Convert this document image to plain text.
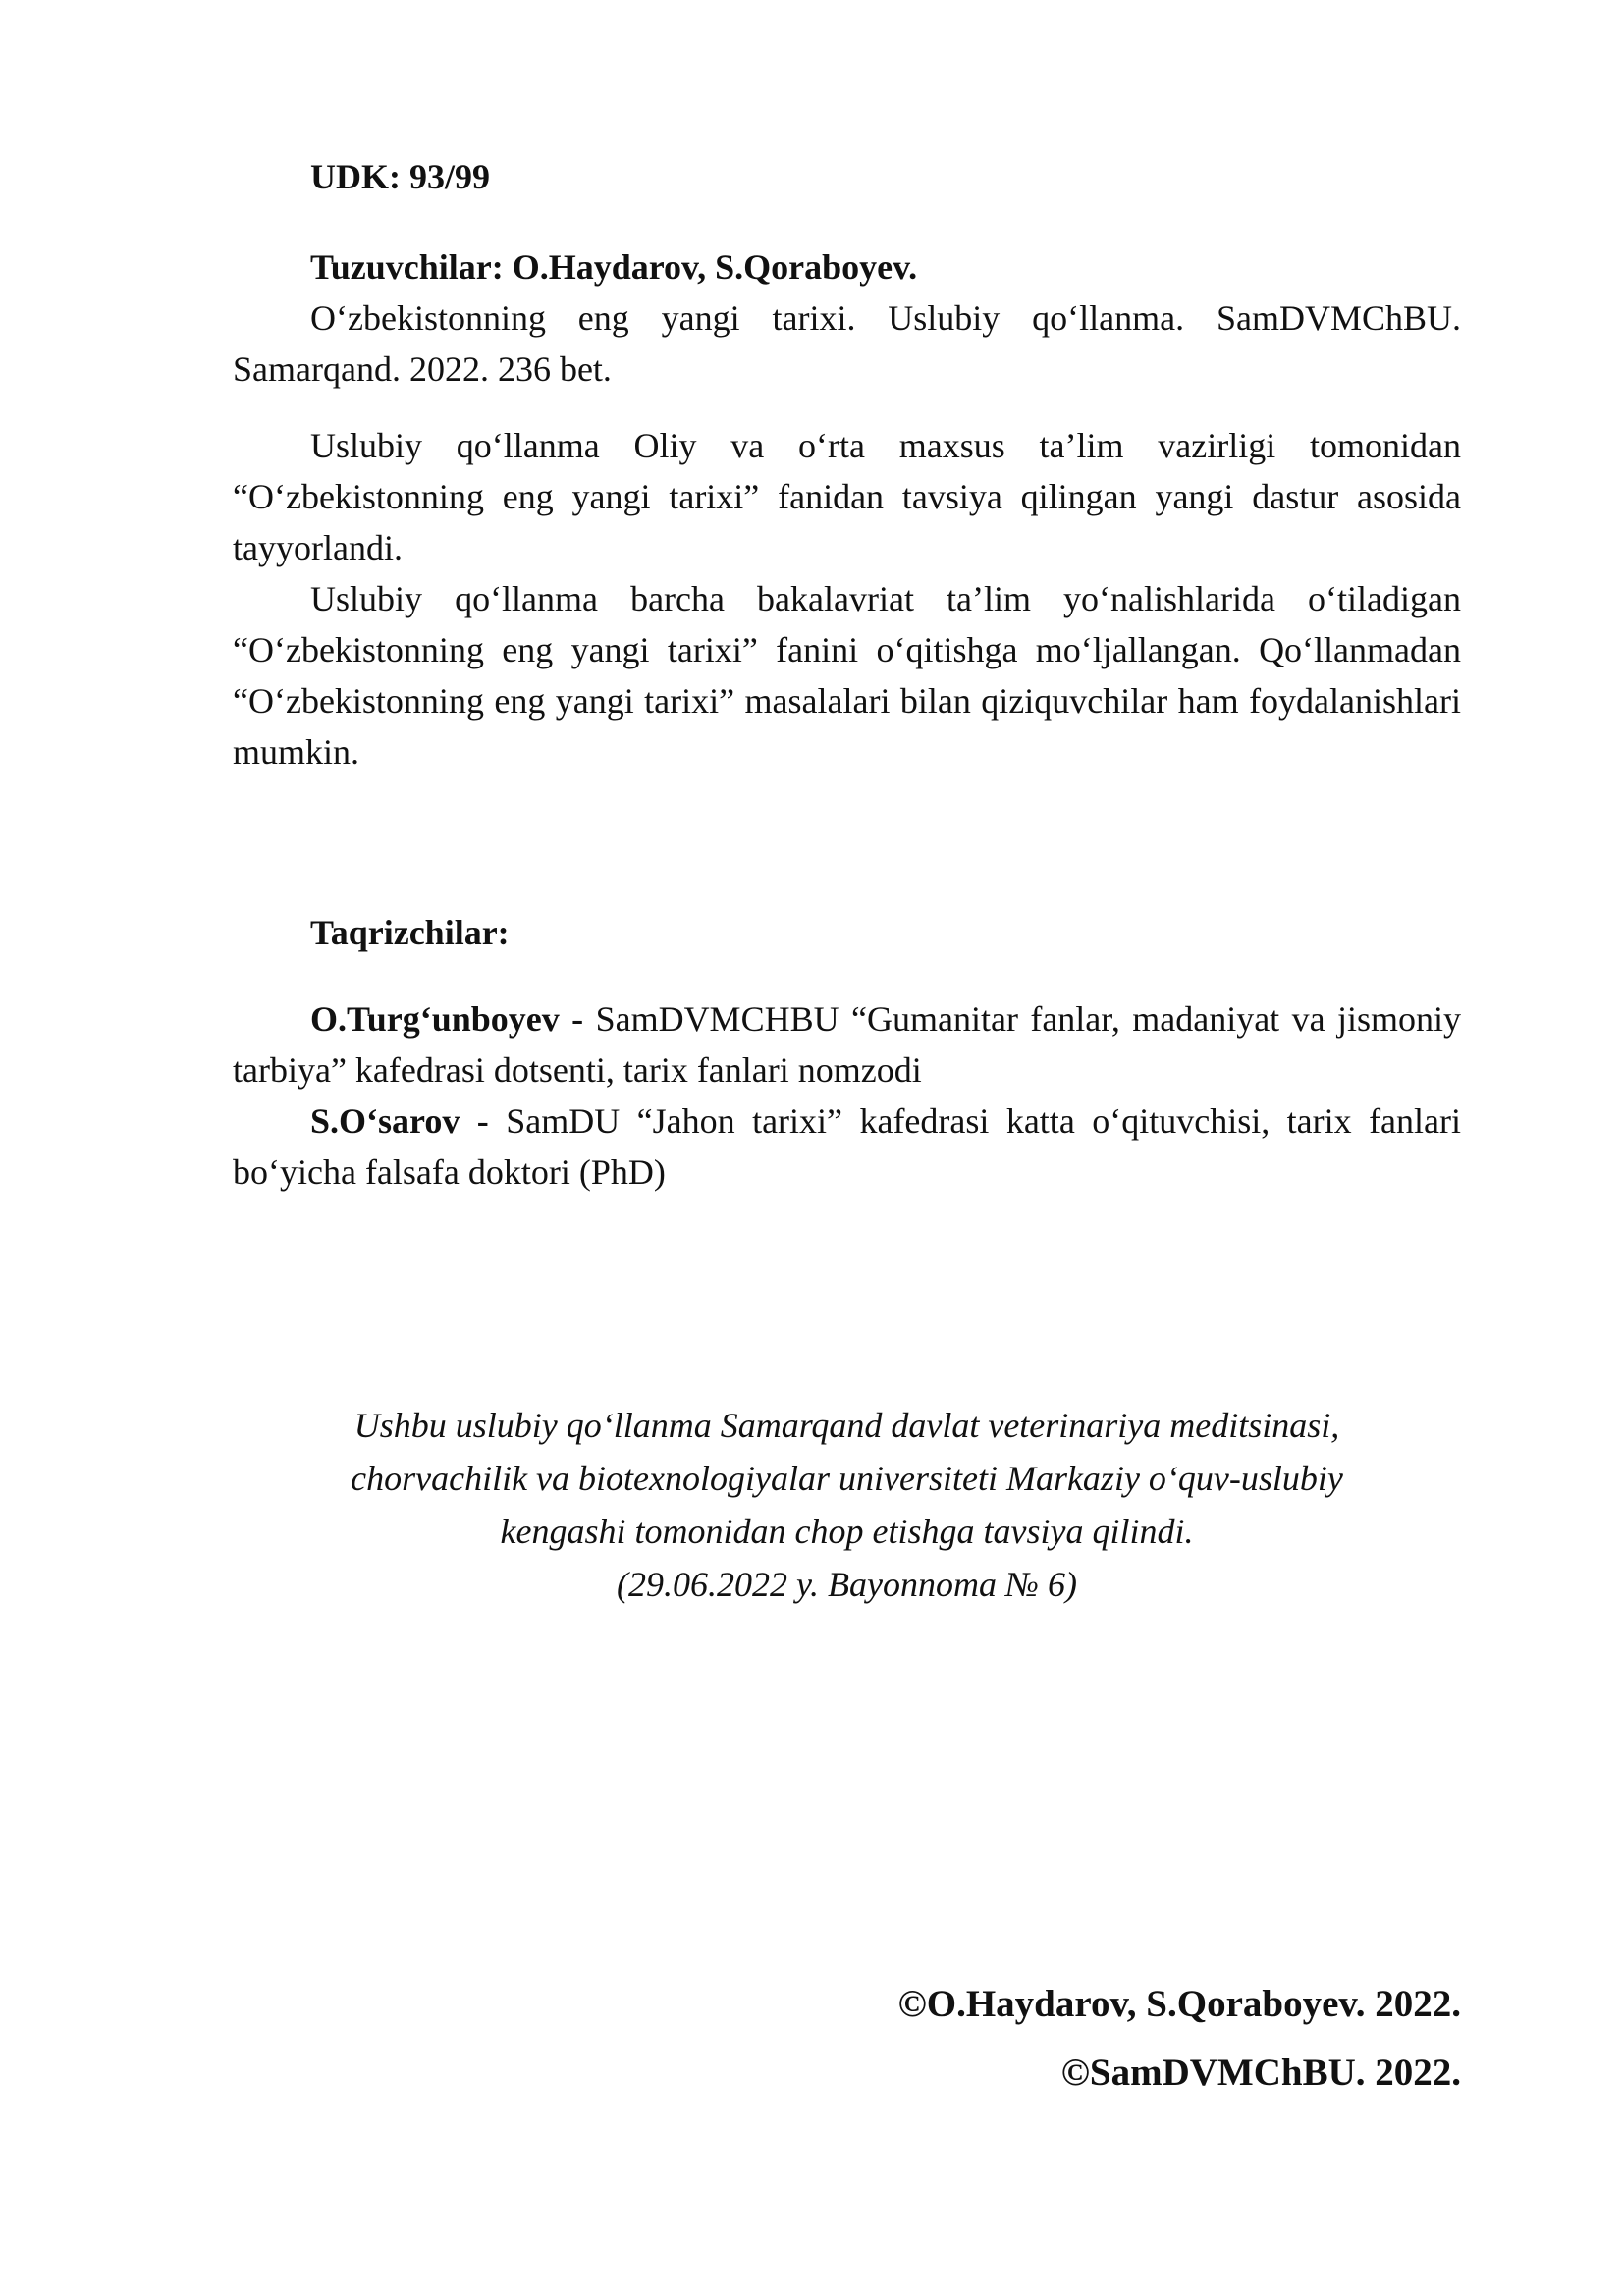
UDK: 93/99

Tuzuvchilar: O.Haydarov, S.Qoraboyev.

O‘zbekistonning eng yangi tarixi. Uslubiy qo‘llanma. SamDVMChBU. Samarqand. 2022. 236 bet.

Uslubiy qo‘llanma Oliy va o‘rta maxsus ta’lim vazirligi tomonidan “O‘zbekistonning eng yangi tarixi” fanidan tavsiya qilingan yangi dastur asosida tayyorlandi.

Uslubiy qo‘llanma barcha bakalavriat ta’lim yo‘nalishlarida o‘tiladigan “O‘zbekistonning eng yangi tarixi” fanini o‘qitishga mo‘ljallangan. Qo‘llanmadan “O‘zbekistonning eng yangi tarixi” masalalari bilan qiziquvchilar ham foydalanishlari mumkin.

Taqrizchilar:

O.Turg‘unboyev - SamDVMCHBU “Gumanitar fanlar, madaniyat va jismoniy tarbiya” kafedrasi dotsenti, tarix fanlari nomzodi

S.O‘sarov - SamDU “Jahon tarixi” kafedrasi katta o‘qituvchisi, tarix fanlari bo‘yicha falsafa doktori (PhD)

Ushbu uslubiy qo‘llanma Samarqand davlat veterinariya meditsinasi,

chorvachilik va biotexnologiyalar universiteti Markaziy o‘quv-uslubiy

kengashi tomonidan chop etishga tavsiya qilindi.

(29.06.2022 y. Bayonnoma № 6)

©O.Haydarov, S.Qoraboyev. 2022.

©SamDVMChBU. 2022.
